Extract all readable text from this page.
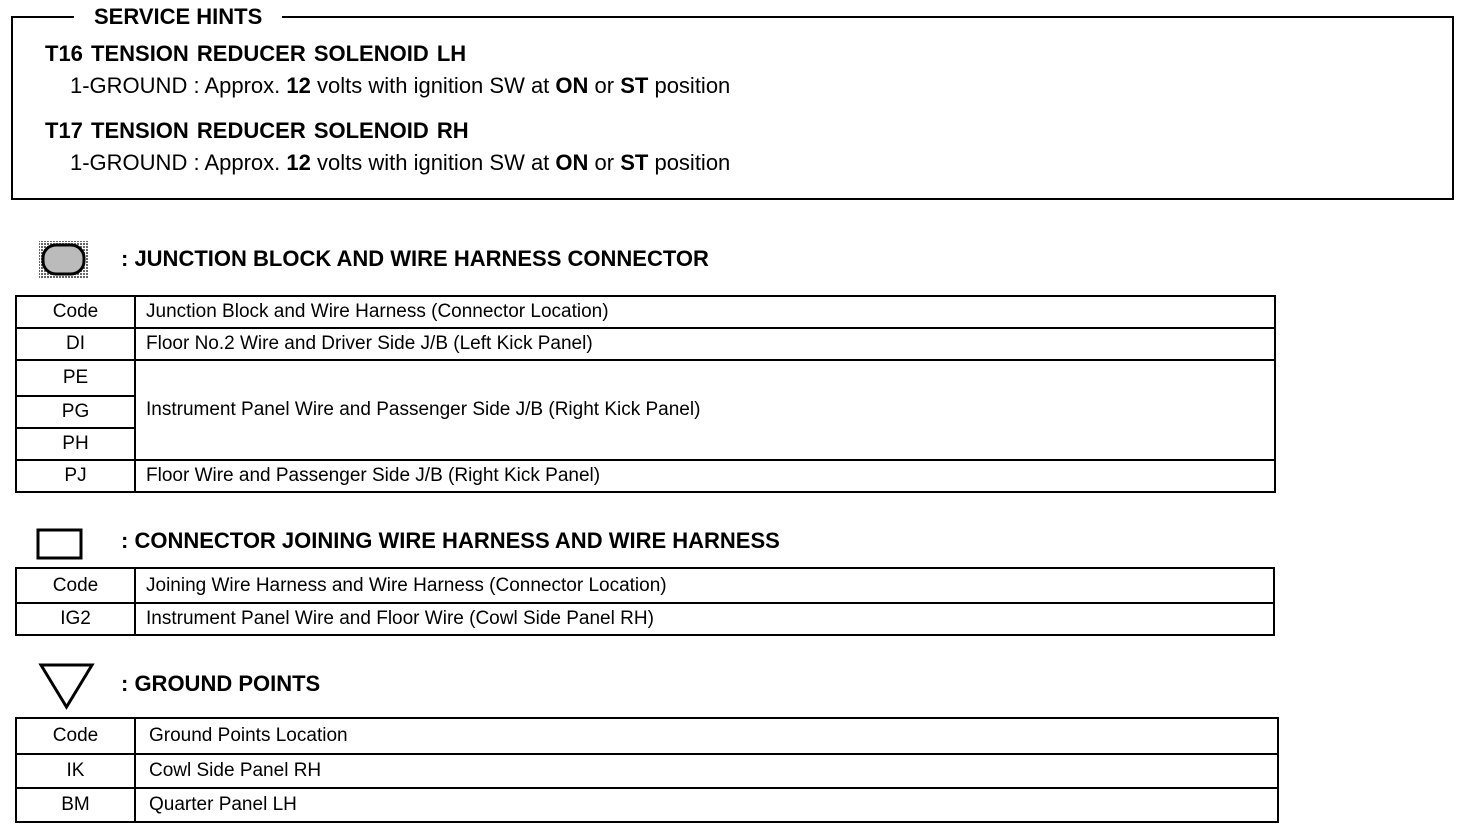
SERVICE HINTS
T16 TENSION REDUCER SOLENOID LH
1-GROUND : Approx. 12 volts with ignition SW at ON or ST position
T17 TENSION REDUCER SOLENOID RH
1-GROUND : Approx. 12 volts with ignition SW at ON or ST position
: JUNCTION BLOCK AND WIRE HARNESS CONNECTOR
Code	Junction Block and Wire Harness (Connector Location)
DI	Floor No.2 Wire and Driver Side J/B (Left Kick Panel)
PE	Instrument Panel Wire and Passenger Side J/B (Right Kick Panel)
PG	
PH	
PJ	Floor Wire and Passenger Side J/B (Right Kick Panel)
: CONNECTOR JOINING WIRE HARNESS AND WIRE HARNESS
Code	Joining Wire Harness and Wire Harness (Connector Location)
IG2	Instrument Panel Wire and Floor Wire (Cowl Side Panel RH)
: GROUND POINTS
Code	Ground Points Location
IK	Cowl Side Panel RH
BM	Quarter Panel LH
